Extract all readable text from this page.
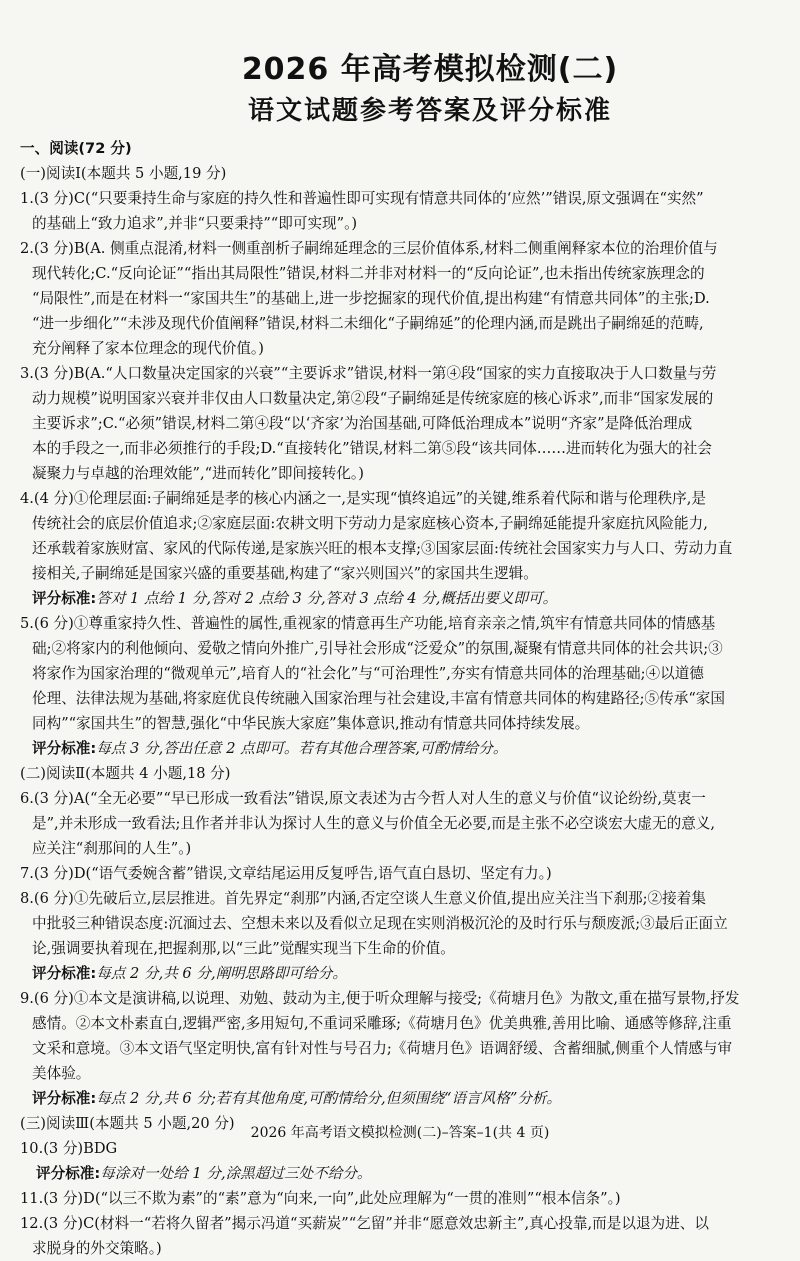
2026 年高考模拟检测(二)
语文试题参考答案及评分标准
一、阅读(72 分)
(一)阅读Ⅰ(本题共 5 小题,19 分)
1.(3 分)C(“只要秉持生命与家庭的持久性和普遍性即可实现有情意共同体的‘应然’”错误,原文强调在“实然”
的基础上“致力追求”,并非“只要秉持”“即可实现”。)
2.(3 分)B(A. 侧重点混淆,材料一侧重剖析子嗣绵延理念的三层价值体系,材料二侧重阐释家本位的治理价值与
现代转化;C.“反向论证”“指出其局限性”错误,材料二并非对材料一的“反向论证”,也未指出传统家族理念的
“局限性”,而是在材料一“家国共生”的基础上,进一步挖掘家的现代价值,提出构建“有情意共同体”的主张;D.
“进一步细化”“未涉及现代价值阐释”错误,材料二未细化“子嗣绵延”的伦理内涵,而是跳出子嗣绵延的范畴,
充分阐释了家本位理念的现代价值。)
3.(3 分)B(A.“人口数量决定国家的兴衰”“主要诉求”错误,材料一第④段“国家的实力直接取决于人口数量与劳
动力规模”说明国家兴衰并非仅由人口数量决定,第②段“子嗣绵延是传统家庭的核心诉求”,而非“国家发展的
主要诉求”;C.“必须”错误,材料二第④段“以‘齐家’为治国基础,可降低治理成本”说明“齐家”是降低治理成
本的手段之一,而非必须推行的手段;D.“直接转化”错误,材料二第⑤段“该共同体……进而转化为强大的社会
凝聚力与卓越的治理效能”,“进而转化”即间接转化。)
4.(4 分)①伦理层面:子嗣绵延是孝的核心内涵之一,是实现“慎终追远”的关键,维系着代际和谐与伦理秩序,是
传统社会的底层价值追求;②家庭层面:农耕文明下劳动力是家庭核心资本,子嗣绵延能提升家庭抗风险能力,
还承载着家族财富、家风的代际传递,是家族兴旺的根本支撑;③国家层面:传统社会国家实力与人口、劳动力直
接相关,子嗣绵延是国家兴盛的重要基础,构建了“家兴则国兴”的家国共生逻辑。
评分标准:答对 1 点给 1 分,答对 2 点给 3 分,答对 3 点给 4 分,概括出要义即可。
5.(6 分)①尊重家持久性、普遍性的属性,重视家的情意再生产功能,培育亲亲之情,筑牢有情意共同体的情感基
础;②将家内的利他倾向、爱敬之情向外推广,引导社会形成“泛爱众”的氛围,凝聚有情意共同体的社会共识;③
将家作为国家治理的“微观单元”,培育人的“社会化”与“可治理性”,夯实有情意共同体的治理基础;④以道德
伦理、法律法规为基础,将家庭优良传统融入国家治理与社会建设,丰富有情意共同体的构建路径;⑤传承“家国
同构”“家国共生”的智慧,强化“中华民族大家庭”集体意识,推动有情意共同体持续发展。
评分标准:每点 3 分,答出任意 2 点即可。若有其他合理答案,可酌情给分。
(二)阅读Ⅱ(本题共 4 小题,18 分)
6.(3 分)A(“全无必要”“早已形成一致看法”错误,原文表述为古今哲人对人生的意义与价值“议论纷纷,莫衷一
是”,并未形成一致看法;且作者并非认为探讨人生的意义与价值全无必要,而是主张不必空谈宏大虚无的意义,
应关注“刹那间的人生”。)
7.(3 分)D(“语气委婉含蓄”错误,文章结尾运用反复呼告,语气直白恳切、坚定有力。)
8.(6 分)①先破后立,层层推进。首先界定“刹那”内涵,否定空谈人生意义价值,提出应关注当下刹那;②接着集
中批驳三种错误态度:沉湎过去、空想未来以及看似立足现在实则消极沉沦的及时行乐与颓废派;③最后正面立
论,强调要执着现在,把握刹那,以“三此”觉醒实现当下生命的价值。
评分标准:每点 2 分,共 6 分,阐明思路即可给分。
9.(6 分)①本文是演讲稿,以说理、劝勉、鼓动为主,便于听众理解与接受;《荷塘月色》为散文,重在描写景物,抒发
感情。②本文朴素直白,逻辑严密,多用短句,不重词采雕琢;《荷塘月色》优美典雅,善用比喻、通感等修辞,注重
文采和意境。③本文语气坚定明快,富有针对性与号召力;《荷塘月色》语调舒缓、含蓄细腻,侧重个人情感与审
美体验。
评分标准:每点 2 分,共 6 分;若有其他角度,可酌情给分,但须围绕“语言风格”分析。
(三)阅读Ⅲ(本题共 5 小题,20 分)
10.(3 分)BDG
评分标准:每涂对一处给 1 分,涂黑超过三处不给分。
11.(3 分)D(“以三不欺为素”的“素”意为“向来,一向”,此处应理解为“一贯的准则”“根本信条”。)
12.(3 分)C(材料一“若将久留者”揭示冯道“买薪炭”“乞留”并非“愿意效忠新主”,真心投靠,而是以退为进、以
求脱身的外交策略。)
2026 年高考语文模拟检测(二)–答案–1(共 4 页)
